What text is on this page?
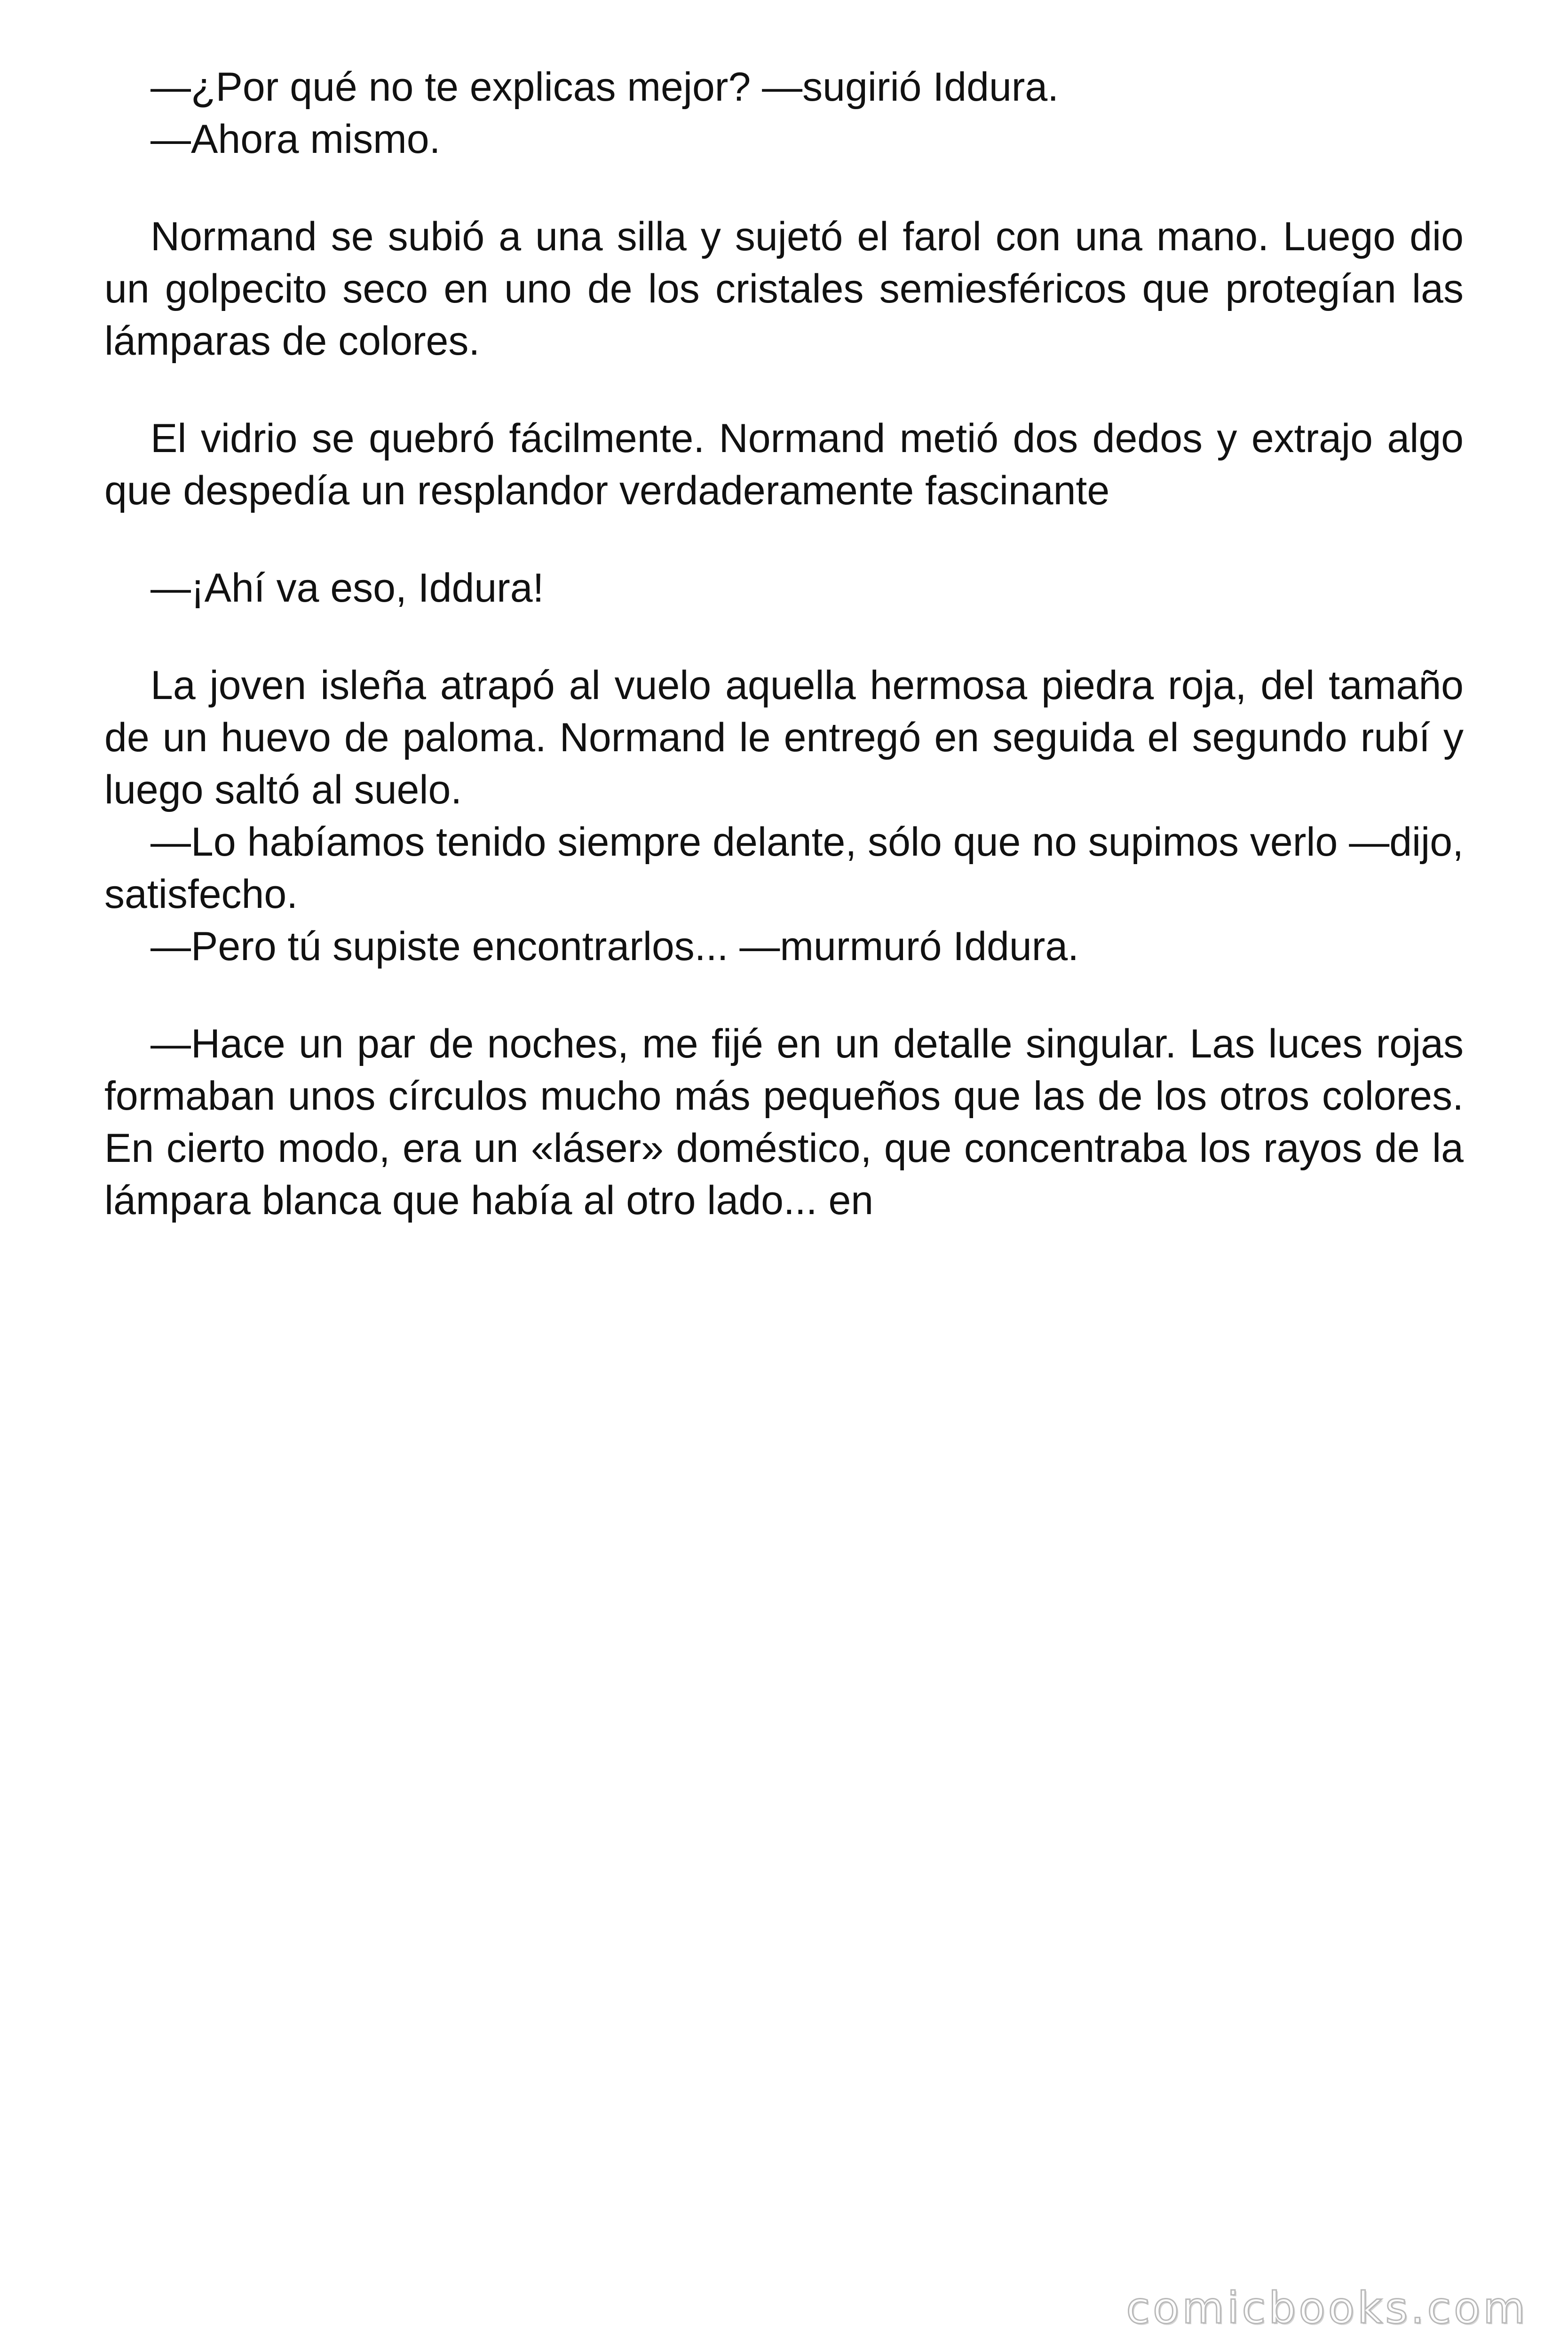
—¿Por qué no te explicas mejor? —sugirió Iddura.

—Ahora mismo.

Normand se subió a una silla y sujetó el farol con una mano. Luego dio un golpecito seco en uno de los cristales semiesféricos que protegían las lámparas de colores.

El vidrio se quebró fácilmente. Normand metió dos dedos y extrajo algo que despedía un resplandor verdaderamente fascinante

—¡Ahí va eso, Iddura!

La joven isleña atrapó al vuelo aquella hermosa piedra roja, del tamaño de un huevo de paloma. Normand le entregó en seguida el segundo rubí y luego saltó al suelo.

—Lo habíamos tenido siempre delante, sólo que no supimos verlo —dijo, satisfecho.

—Pero tú supiste encontrarlos... —murmuró Iddura.

—Hace un par de noches, me fijé en un detalle singular. Las luces rojas formaban unos círculos mucho más pequeños que las de los otros colores. En cierto modo, era un «láser» doméstico, que concentraba los rayos de la lámpara blanca que había al otro lado... en

comicbooks.com
